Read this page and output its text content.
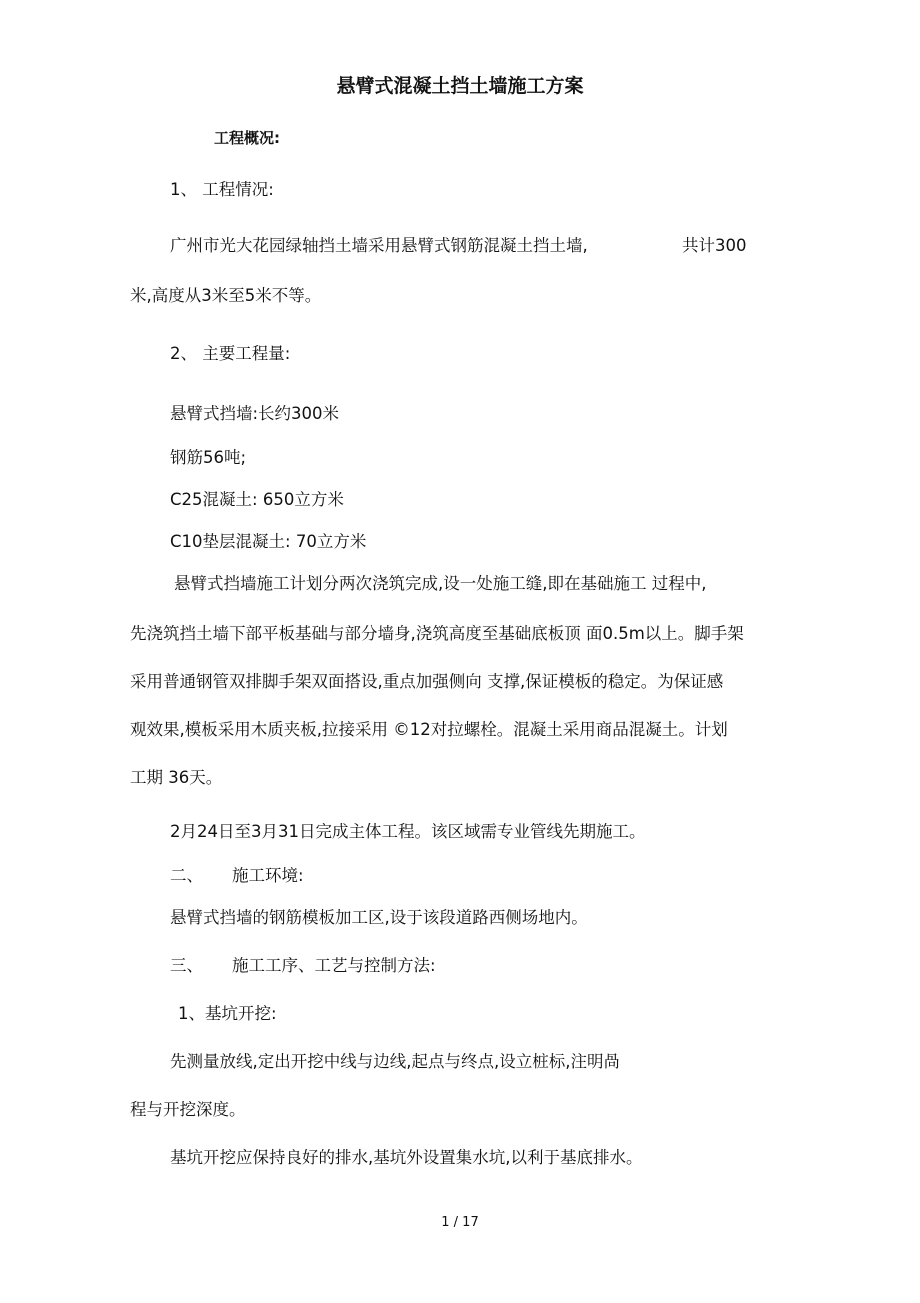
悬臂式混凝土挡土墙施工方案
工程概况:
1、 工程情况:
广州市光大花园绿轴挡土墙采用悬臂式钢筋混凝土挡土墙,	共计300
米,高度从3米至5米不等。
2、 主要工程量:
悬臂式挡墙:长约300米
钢筋56吨;
C25混凝土: 650立方米
C10垫层混凝土: 70立方米
悬臂式挡墙施工计划分两次浇筑完成,设一处施工缝,即在基础施工 过程中,
先浇筑挡土墙下部平板基础与部分墙身,浇筑高度至基础底板顶 面0.5m以上。脚手架
采用普通钢管双排脚手架双面搭设,重点加强侧向 支撑,保证模板的稳定。为保证感
观效果,模板采用木质夹板,拉接采用 ©12对拉螺栓。混凝土采用商品混凝土。计划
工期 36天。
2月24日至3月31日完成主体工程。该区域需专业管线先期施工。
二、 施工环境:
悬臂式挡墙的钢筋模板加工区,设于该段道路西侧场地内。
三、 施工工序、工艺与控制方法:
1、基坑开挖:
先测量放线,定出开挖中线与边线,起点与终点,设立桩标,注明咼
程与开挖深度。
基坑开挖应保持良好的排水,基坑外设置集水坑,以利于基底排水。
1 / 17
